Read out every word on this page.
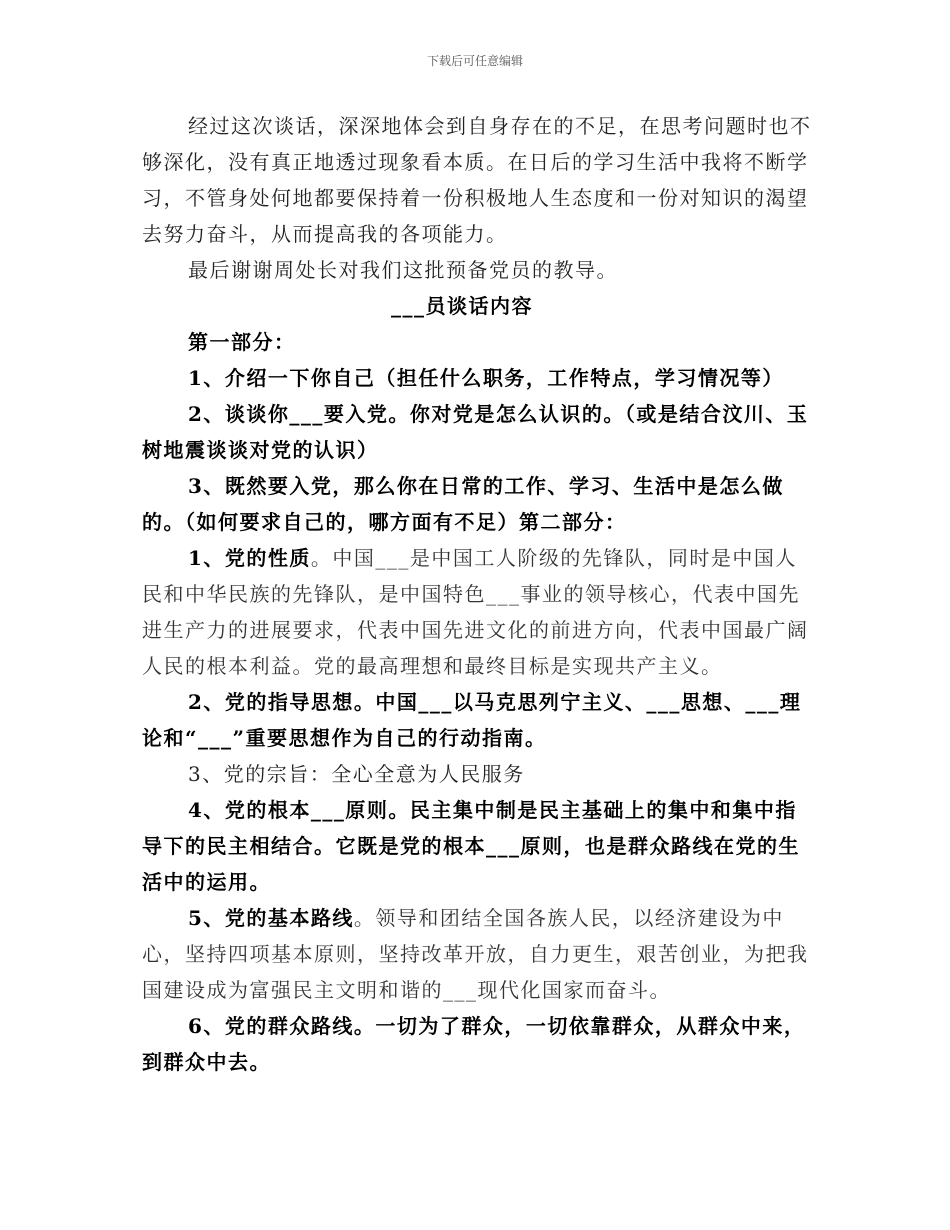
下载后可任意编辑

经过这次谈话，深深地体会到自身存在的不足，在思考问题时也不够深化，没有真正地透过现象看本质。在日后的学习生活中我将不断学习，不管身处何地都要保持着一份积极地人生态度和一份对知识的渴望去努力奋斗，从而提高我的各项能力。

最后谢谢周处长对我们这批预备党员的教导。

___员谈话内容

第一部分：

1、介绍一下你自己（担任什么职务，工作特点，学习情况等）

2、谈谈你___要入党。你对党是怎么认识的。（或是结合汶川、玉树地震谈谈对党的认识）

3、既然要入党，那么你在日常的工作、学习、生活中是怎么做的。（如何要求自己的，哪方面有不足）第二部分：

1、党的性质。中国___是中国工人阶级的先锋队，同时是中国人民和中华民族的先锋队，是中国特色___事业的领导核心，代表中国先进生产力的进展要求，代表中国先进文化的前进方向，代表中国最广阔人民的根本利益。党的最高理想和最终目标是实现共产主义。

2、党的指导思想。中国___以马克思列宁主义、___思想、___理论和“___”重要思想作为自己的行动指南。

3、党的宗旨：全心全意为人民服务

4、党的根本___原则。民主集中制是民主基础上的集中和集中指导下的民主相结合。它既是党的根本___原则，也是群众路线在党的生活中的运用。

5、党的基本路线。领导和团结全国各族人民，以经济建设为中心，坚持四项基本原则，坚持改革开放，自力更生，艰苦创业，为把我国建设成为富强民主文明和谐的___现代化国家而奋斗。

6、党的群众路线。一切为了群众，一切依靠群众，从群众中来，到群众中去。
